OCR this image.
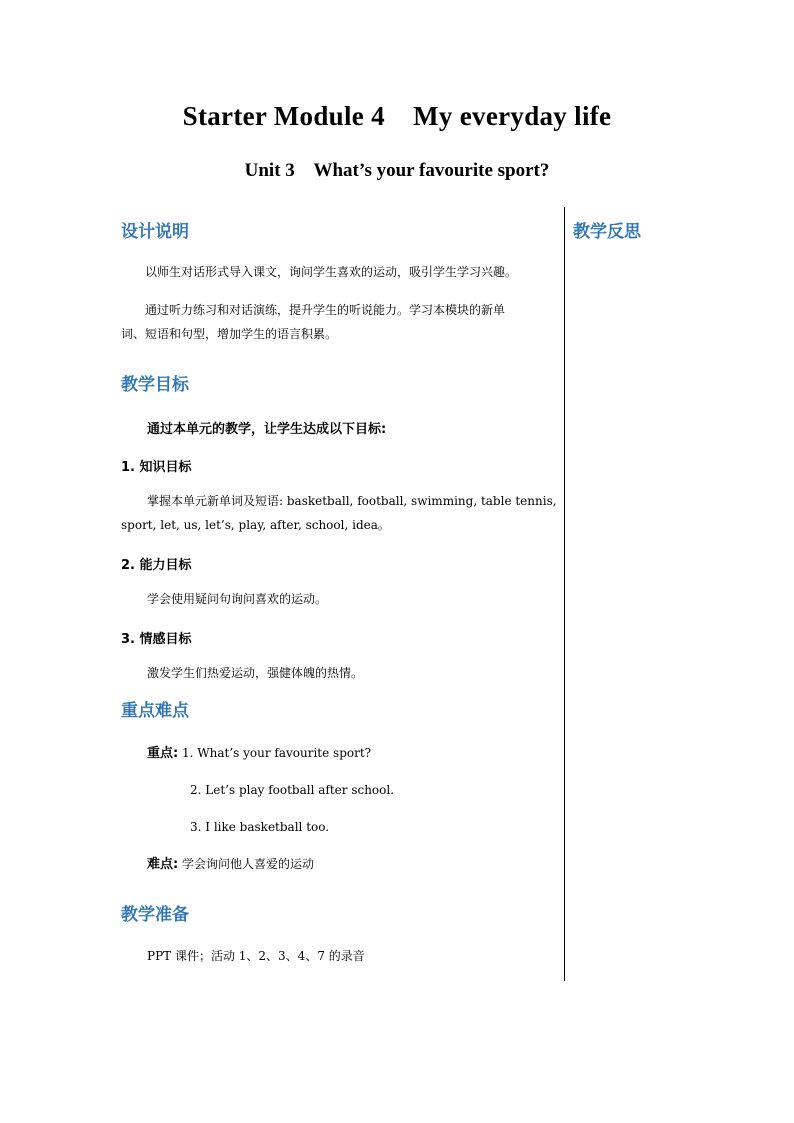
Starter Module 4    My everyday life
Unit 3    What’s your favourite sport?
设计说明
以师生对话形式导入课文，询问学生喜欢的运动，吸引学生学习兴趣。
通过听力练习和对话演练，提升学生的听说能力。学习本模块的新单
词、短语和句型，增加学生的语言积累。
教学反思
教学目标
通过本单元的教学，让学生达成以下目标:
1. 知识目标
掌握本单元新单词及短语: basketball, football, swimming, table tennis,
sport, let, us, let’s, play, after, school, idea。
2. 能力目标
学会使用疑问句询问喜欢的运动。
3. 情感目标
激发学生们热爱运动，强健体魄的热情。
重点难点
重点: 1. What’s your favourite sport?
2. Let’s play football after school.
3. I like basketball too.
难点: 学会询问他人喜爱的运动
教学准备
PPT 课件；活动 1、2、3、4、7 的录音
